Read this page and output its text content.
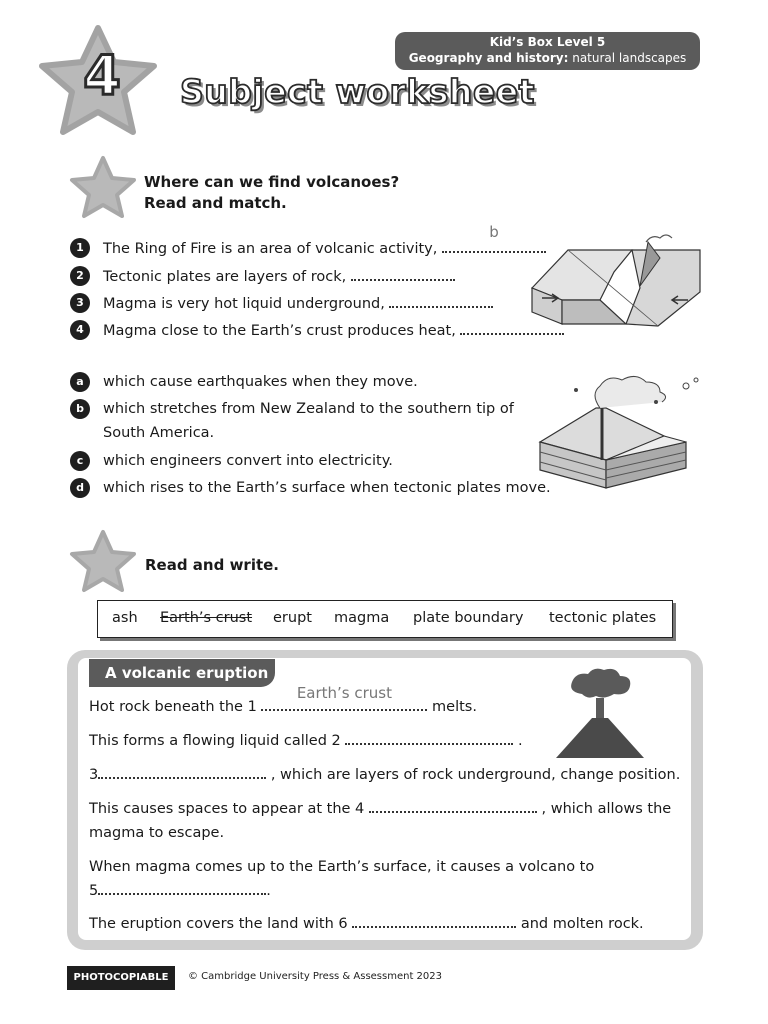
4	Subject worksheet
Kid’s Box Level 5
Geography and history: natural landscapes
Where can we find volcanoes?
Read and match.
1 The Ring of Fire is an area of volcanic activity,
b
2 Tectonic plates are layers of rock,
3 Magma is very hot liquid underground,
4 Magma close to the Earth’s crust produces heat,
a which cause earthquakes when they move.
b which stretches from New Zealand to the southern tip of
South America.
c which engineers convert into electricity.
d which rises to the Earth’s surface when tectonic plates move.
Read and write.
ash Earth’s crust erupt magma plate boundary tectonic plates
A volcanic eruption
Hot rock beneath the 1
Earth’s crust
melts.
This forms a flowing liquid called 2	.
3	, which are layers of rock underground, change position.
This causes spaces to appear at the 4	, which allows the
magma to escape.
When magma comes up to the Earth’s surface, it causes a volcano to
5	.
The eruption covers the land with 6	and molten rock.
PHOTOCOPIABLE	© Cambridge University Press & Assessment 2023
